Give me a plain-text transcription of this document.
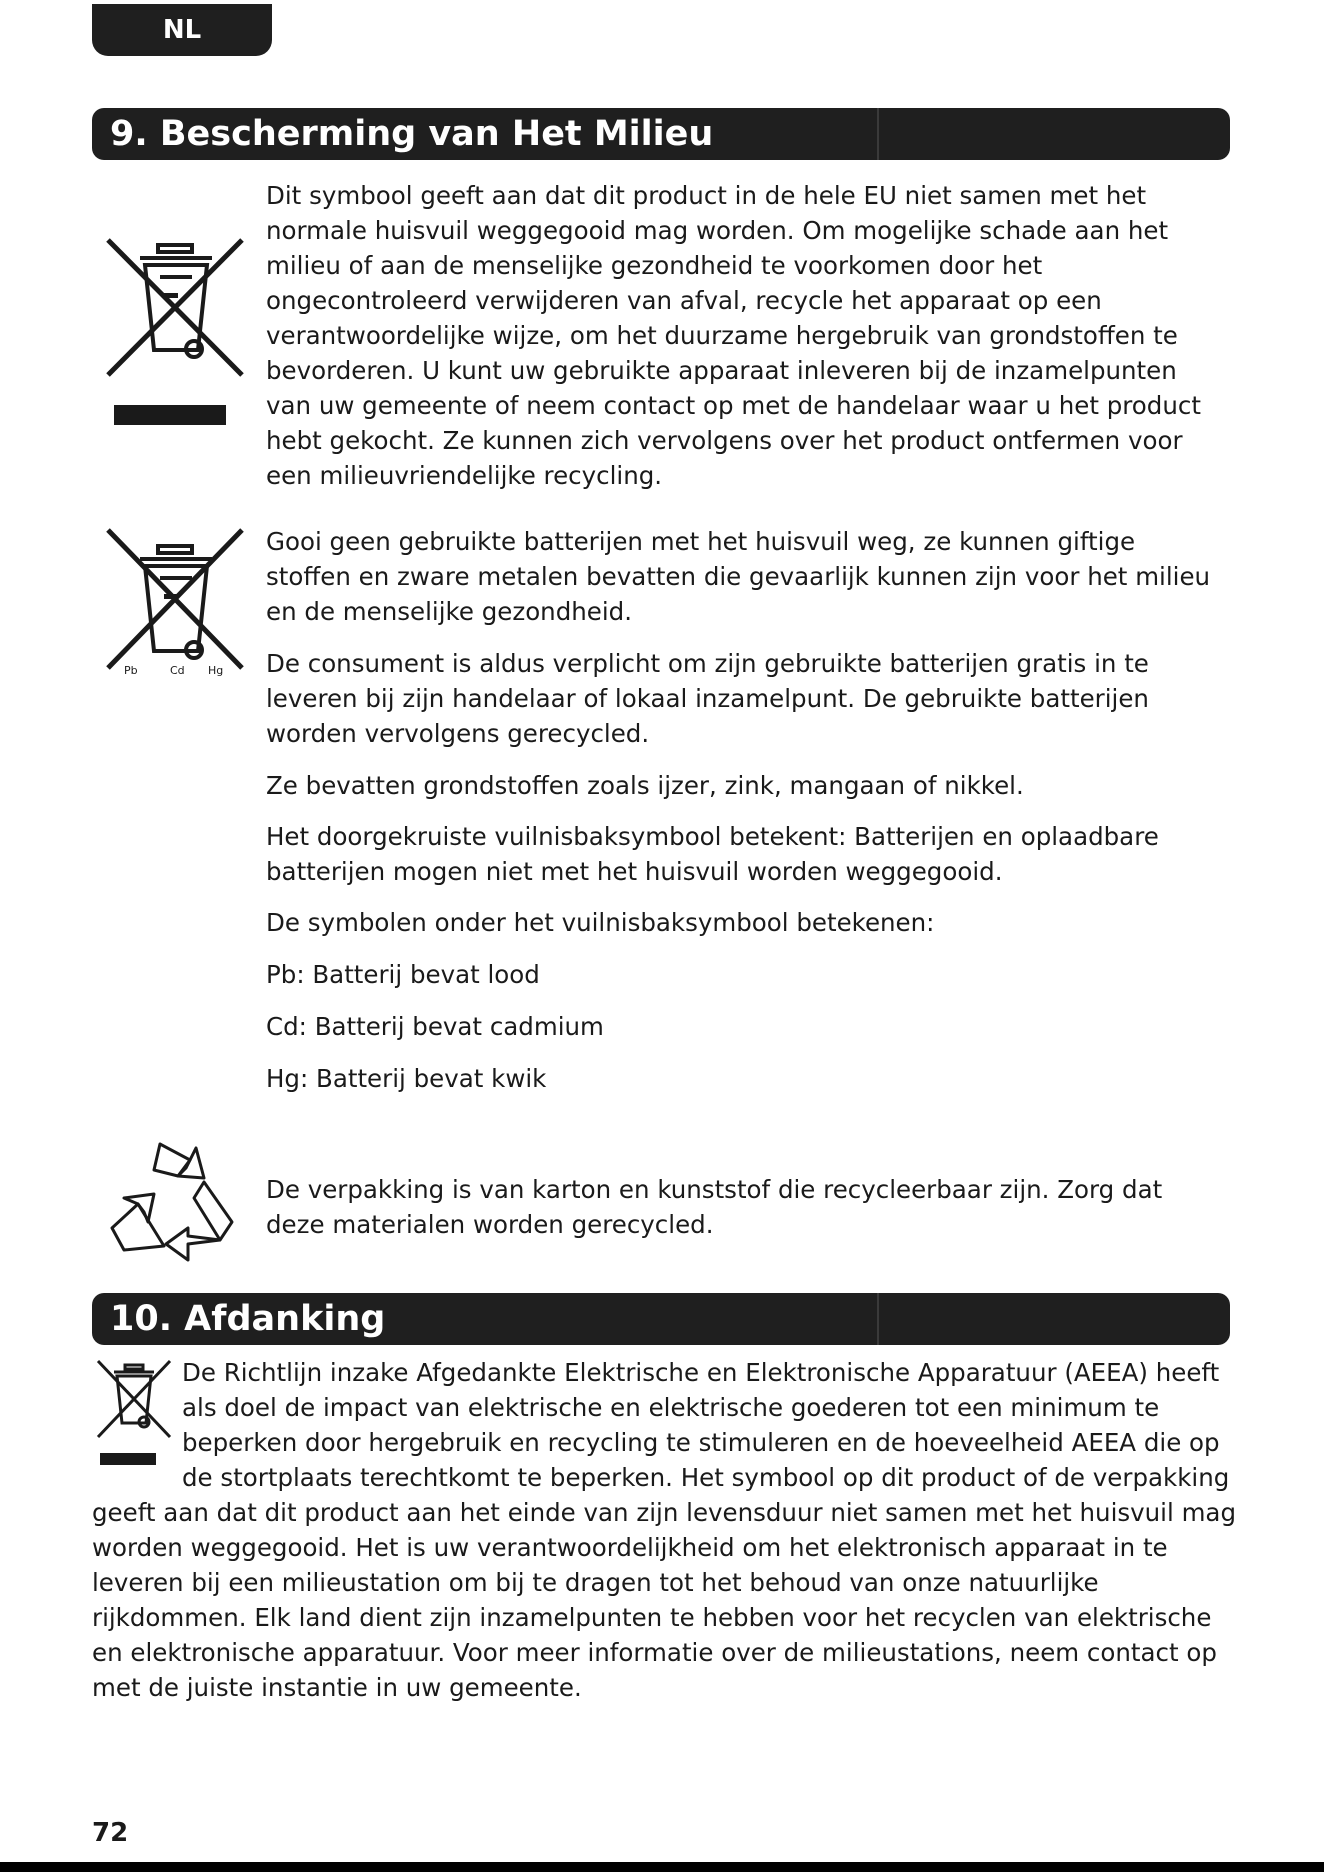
NL
9. Bescherming van Het Milieu

Dit symbool geeft aan dat dit product in de hele EU niet samen met het normale huisvuil weggegooid mag worden. Om mogelijke schade aan het milieu of aan de menselijke gezondheid te voorkomen door het ongecontroleerd verwijderen van afval, recycle het apparaat op een verantwoordelijke wijze, om het duurzame hergebruik van grondstoffen te bevorderen. U kunt uw gebruikte apparaat inleveren bij de inzamelpunten van uw gemeente of neem contact op met de handelaar waar u het product hebt gekocht. Ze kunnen zich vervolgens over het product ontfermen voor een milieuvriendelijke recycling.

Pb	Cd Hg

Gooi geen gebruikte batterijen met het huisvuil weg, ze kunnen giftige stoffen en zware metalen bevatten die gevaarlijk kunnen zijn voor het milieu en de menselijke gezondheid.

De consument is aldus verplicht om zijn gebruikte batterijen gratis in te leveren bij zijn handelaar of lokaal inzamelpunt. De gebruikte batterijen worden vervolgens gerecycled.

Ze bevatten grondstoffen zoals ijzer, zink, mangaan of nikkel.

Het doorgekruiste vuilnisbaksymbool betekent: Batterijen en oplaadbare batterijen mogen niet met het huisvuil worden weggegooid.

De symbolen onder het vuilnisbaksymbool betekenen:

Pb: Batterij bevat lood

Cd: Batterij bevat cadmium

Hg: Batterij bevat kwik

De verpakking is van karton en kunststof die recycleerbaar zijn. Zorg dat deze materialen worden gerecycled.

10. Afdanking
De Richtlijn inzake Afgedankte Elektrische en Elektronische Apparatuur (AEEA) heeft als doel de impact van elektrische en elektrische goederen tot een minimum te beperken door hergebruik en recycling te stimuleren en de hoeveelheid AEEA die op de stortplaats terechtkomt te beperken. Het symbool op dit product of de verpakking geeft aan dat dit product aan het einde van zijn levensduur niet samen met het huisvuil mag worden weggegooid. Het is uw verantwoordelijkheid om het elektronisch apparaat in te leveren bij een milieustation om bij te dragen tot het behoud van onze natuurlijke rijkdommen. Elk land dient zijn inzamelpunten te hebben voor het recyclen van elektrische en elektronische apparatuur. Voor meer informatie over de milieustations, neem contact op met de juiste instantie in uw gemeente.
72
